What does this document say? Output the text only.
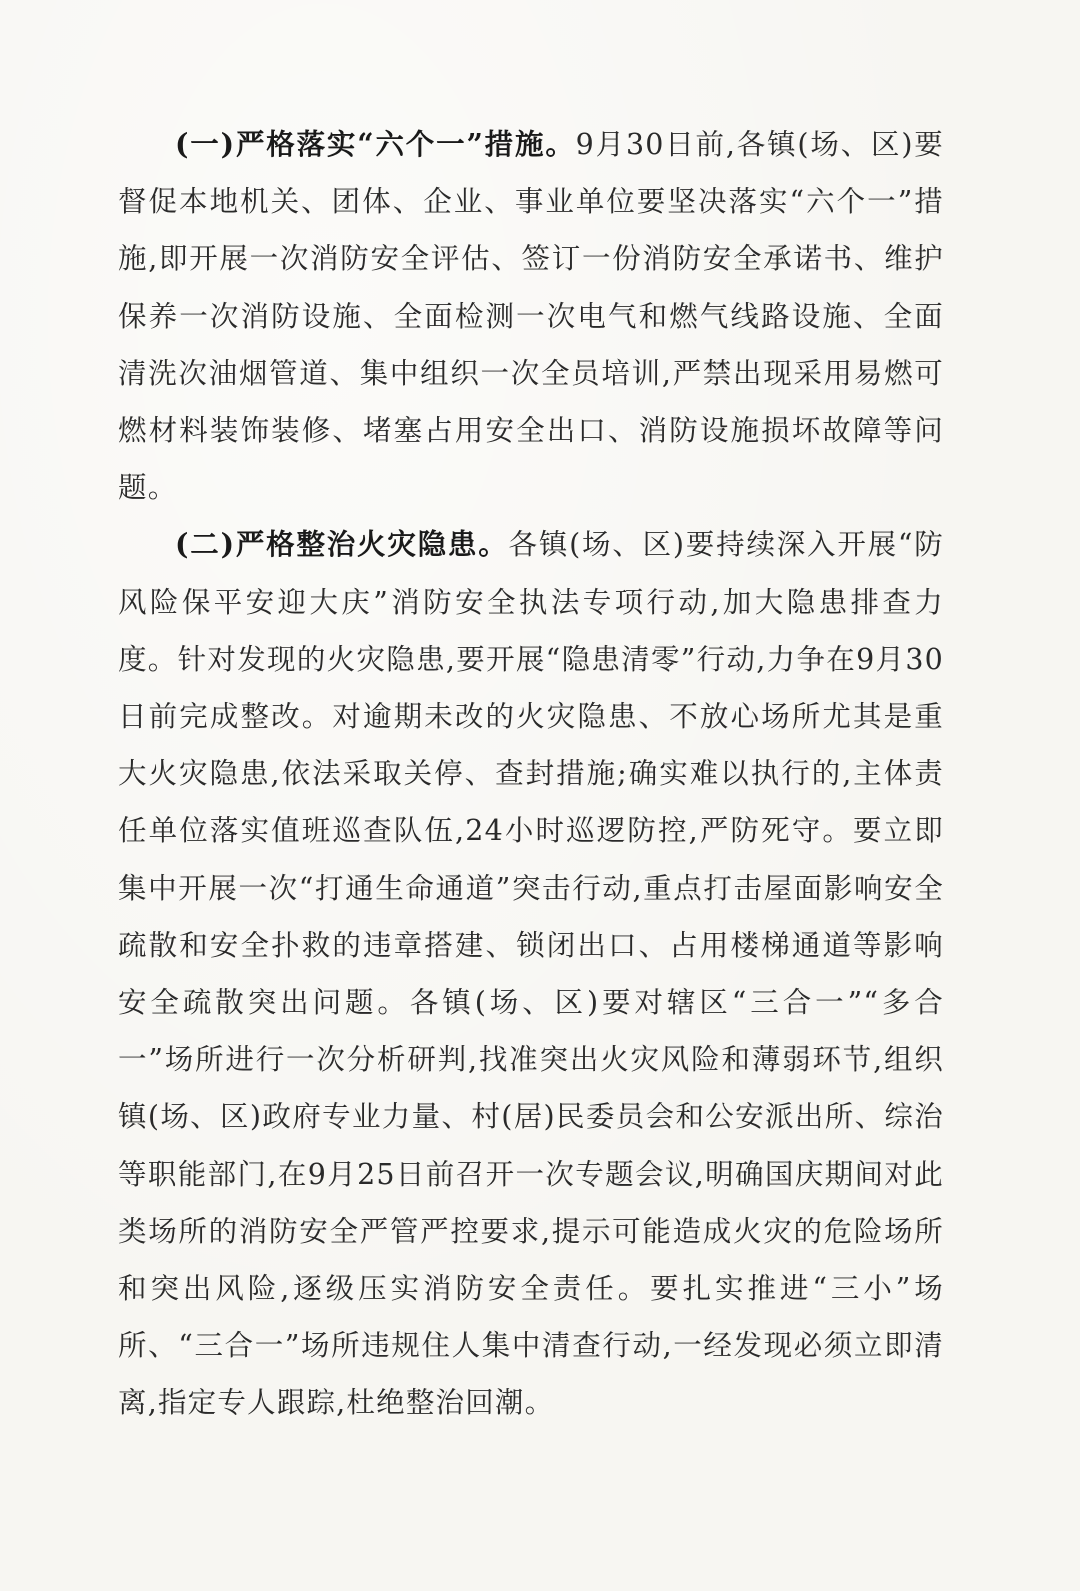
(一)严格落实“六个一”措施。9月30日前,各镇(场、区)要督促本地机关、团体、企业、事业单位要坚决落实“六个一”措施,即开展一次消防安全评估、签订一份消防安全承诺书、维护保养一次消防设施、全面检测一次电气和燃气线路设施、全面清洗次油烟管道、集中组织一次全员培训,严禁出现采用易燃可燃材料装饰装修、堵塞占用安全出口、消防设施损坏故障等问题。

(二)严格整治火灾隐患。各镇(场、区)要持续深入开展“防风险保平安迎大庆”消防安全执法专项行动,加大隐患排查力度。针对发现的火灾隐患,要开展“隐患清零”行动,力争在9月30日前完成整改。对逾期未改的火灾隐患、不放心场所尤其是重大火灾隐患,依法采取关停、查封措施;确实难以执行的,主体责任单位落实值班巡查队伍,24小时巡逻防控,严防死守。要立即集中开展一次“打通生命通道”突击行动,重点打击屋面影响安全疏散和安全扑救的违章搭建、锁闭出口、占用楼梯通道等影响安全疏散突出问题。各镇(场、区)要对辖区“三合一”“多合一”场所进行一次分析研判,找准突出火灾风险和薄弱环节,组织镇(场、区)政府专业力量、村(居)民委员会和公安派出所、综治等职能部门,在9月25日前召开一次专题会议,明确国庆期间对此类场所的消防安全严管严控要求,提示可能造成火灾的危险场所和突出风险,逐级压实消防安全责任。要扎实推进“三小”场所、“三合一”场所违规住人集中清查行动,一经发现必须立即清离,指定专人跟踪,杜绝整治回潮。
